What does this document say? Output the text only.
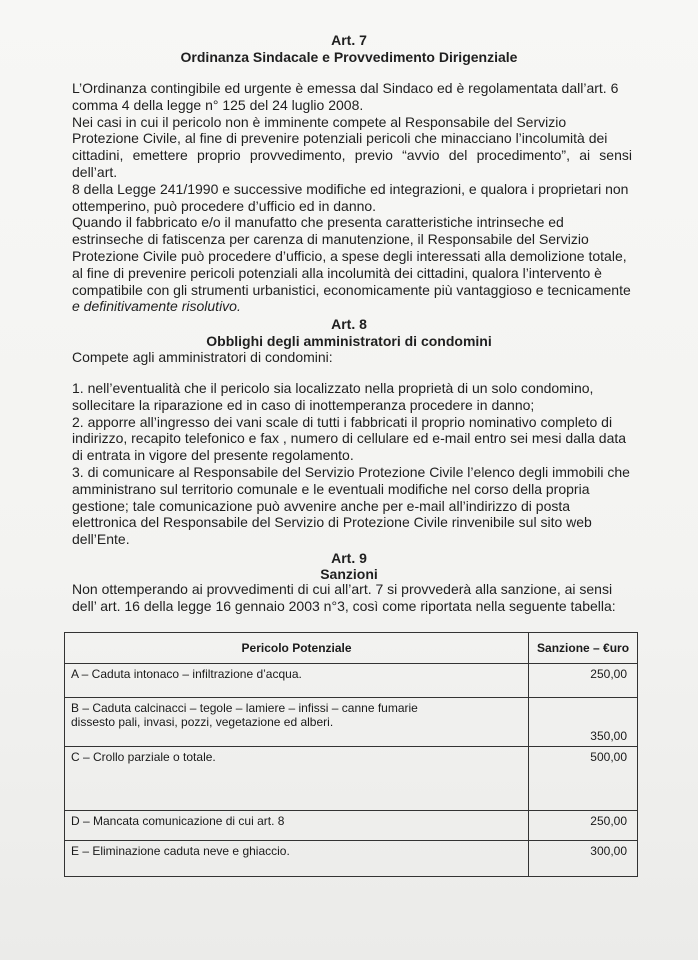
Art. 7
Ordinanza Sindacale e Provvedimento Dirigenziale
L’Ordinanza contingibile ed urgente è emessa dal Sindaco ed è regolamentata dall’art. 6
comma 4 della legge n° 125 del 24 luglio 2008.
Nei casi in cui il pericolo non è imminente compete al Responsabile del Servizio
Protezione Civile, al fine di prevenire potenziali pericoli che minacciano l’incolumità dei
cittadini, emettere proprio provvedimento, previo “avvio del procedimento”, ai sensi dell’art.
8 della Legge 241/1990 e successive modifiche ed integrazioni, e qualora i proprietari non
ottemperino, può procedere d’ufficio ed in danno.
Quando il fabbricato e/o il manufatto che presenta caratteristiche intrinseche ed
estrinseche di fatiscenza per carenza di manutenzione, il Responsabile del Servizio
Protezione Civile può procedere d’ufficio, a spese degli interessati alla demolizione totale,
al fine di prevenire pericoli potenziali alla incolumità dei cittadini, qualora l’intervento è
compatibile con gli strumenti urbanistici, economicamente più vantaggioso e tecnicamente
e definitivamente risolutivo.
Art. 8
Obblighi degli amministratori di condomini
Compete agli amministratori di condomini:
1. nell’eventualità che il pericolo sia localizzato nella proprietà di un solo condomino,
sollecitare la riparazione ed in caso di inottemperanza procedere in danno;
2. apporre all’ingresso dei vani scale di tutti i fabbricati il proprio nominativo completo di
indirizzo, recapito telefonico e fax , numero di cellulare ed e-mail entro sei mesi dalla data
di entrata in vigore del presente regolamento.
3. di comunicare al Responsabile del Servizio Protezione Civile l’elenco degli immobili che
amministrano sul territorio comunale e le eventuali modifiche nel corso della propria
gestione; tale comunicazione può avvenire anche per e-mail all’indirizzo di posta
elettronica del Responsabile del Servizio di Protezione Civile rinvenibile sul sito web
dell’Ente.
Art. 9
Sanzioni
Non ottemperando ai provvedimenti di cui all’art. 7 si provvederà alla sanzione, ai sensi
dell’ art. 16 della legge 16 gennaio 2003 n°3, così come riportata nella seguente tabella:
Pericolo Potenziale	Sanzione – €uro
A – Caduta intonaco – infiltrazione d’acqua.	250,00

B – Caduta calcinacci – tegole – lamiere – infissi – canne fumarie
dissesto pali, invasi, pozzi, vegetazione ed alberi.	350,00
C – Crollo parziale o totale.	500,00
D – Mancata comunicazione di cui art. 8	250,00
E – Eliminazione caduta neve e ghiaccio.	300,00
